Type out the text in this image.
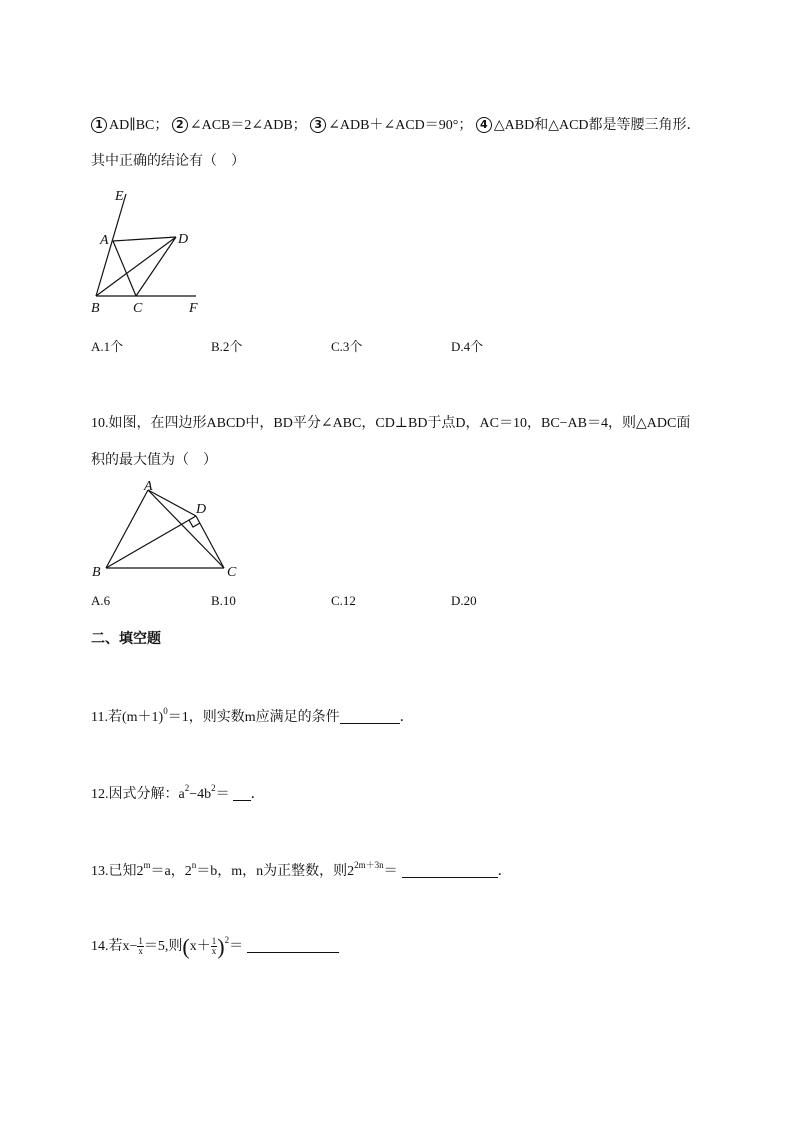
1 AD∥BC； 2 ∠ACB＝2∠ADB； 3 ∠ADB＋∠ACD＝90°； 4 △ABD和△ACD都是等腰三角形．
其中正确的结论有（　）
E
A	D
B C	F
A.1个	B.2个	C.3个	D.4个
10.如图，在四边形ABCD中，BD平分∠ABC，CD⊥BD于点D，AC＝10，BC−AB＝4，则△ADC面
积的最大值为（　）
A
D
B	C
A.6	B.10	C.12	D.20
二、填空题
11.若$(m+1)^0=1$，则实数m应满足的条件	．
12.因式分解：$a^2-4b^2=$ ．
13.已知$2^m=a$，$2^n=b$，m，n为正整数，则$2^{2m+3n}=$	．
14.若$x- \frac{1}{x} =5$,则$(x+ \frac{1}{x} )^2=$
